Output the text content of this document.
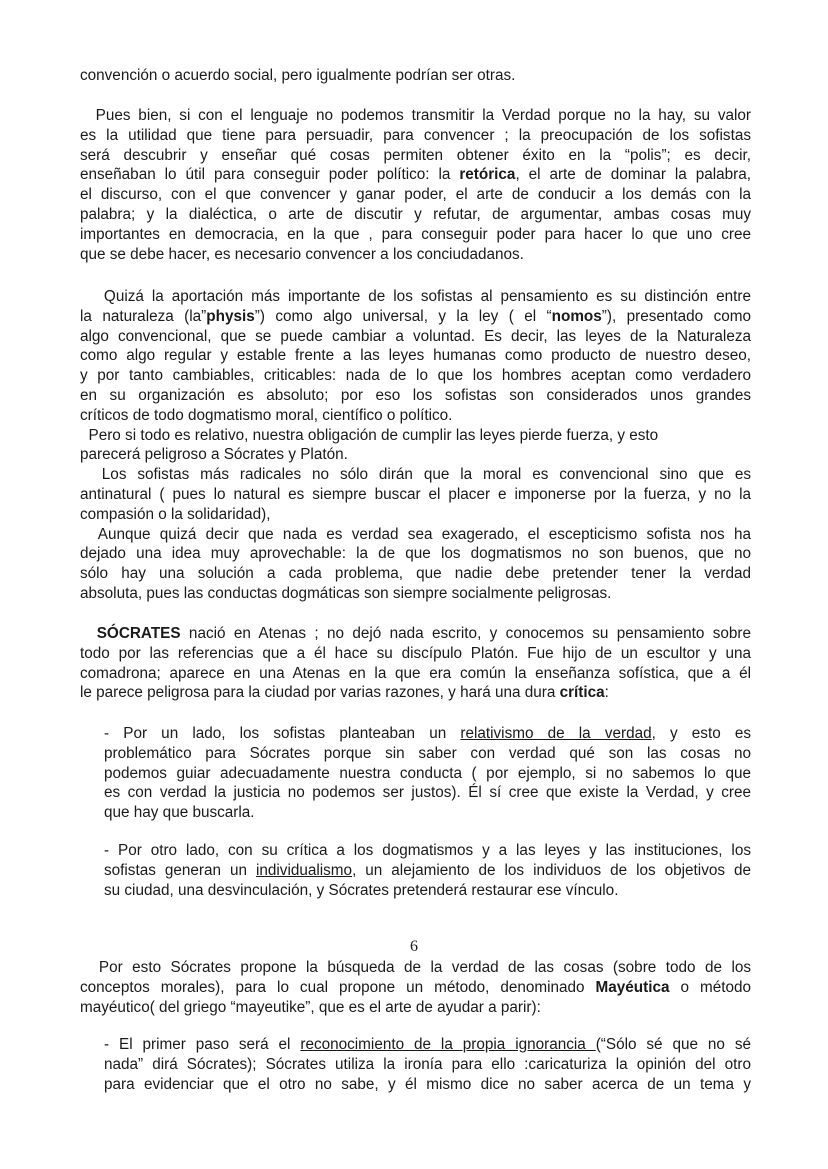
convención o acuerdo social, pero igualmente podrían ser otras.

Pues bien, si con el lenguaje no podemos transmitir la Verdad porque no la hay, su valor
es la utilidad que tiene para persuadir, para convencer ; la preocupación de los sofistas
será descubrir y enseñar qué cosas permiten obtener éxito en la “polis”; es decir,
enseñaban lo útil para conseguir poder político: la retórica, el arte de dominar la palabra,
el discurso, con el que convencer y ganar poder, el arte de conducir a los demás con la
palabra; y la dialéctica, o arte de discutir y refutar, de argumentar, ambas cosas muy
importantes en democracia, en la que , para conseguir poder para hacer lo que uno cree
que se debe hacer, es necesario convencer a los conciudadanos.

Quizá la aportación más importante de los sofistas al pensamiento es su distinción entre
la naturaleza (la”physis”) como algo universal, y la ley ( el “nomos”), presentado como
algo convencional, que se puede cambiar a voluntad. Es decir, las leyes de la Naturaleza
como algo regular y estable frente a las leyes humanas como producto de nuestro deseo,
y por tanto cambiables, criticables: nada de lo que los hombres aceptan como verdadero
en su organización es absoluto; por eso los sofistas son considerados unos grandes
críticos de todo dogmatismo moral, científico o político.
Pero si todo es relativo, nuestra obligación de cumplir las leyes pierde fuerza, y esto
parecerá peligroso a Sócrates y Platón.
Los sofistas más radicales no sólo dirán que la moral es convencional sino que es
antinatural ( pues lo natural es siempre buscar el placer e imponerse por la fuerza, y no la
compasión o la solidaridad),
Aunque quizá decir que nada es verdad sea exagerado, el escepticismo sofista nos ha
dejado una idea muy aprovechable: la de que los dogmatismos no son buenos, que no
sólo hay una solución a cada problema, que nadie debe pretender tener la verdad
absoluta, pues las conductas dogmáticas son siempre socialmente peligrosas.

SÓCRATES nació en Atenas ; no dejó nada escrito, y conocemos su pensamiento sobre
todo por las referencias que a él hace su discípulo Platón. Fue hijo de un escultor y una
comadrona; aparece en una Atenas en la que era común la enseñanza sofística, que a él
le parece peligrosa para la ciudad por varias razones, y hará una dura crítica:

- Por un lado, los sofistas planteaban un relativismo de la verdad, y esto es
problemático para Sócrates porque sin saber con verdad qué son las cosas no
podemos guiar adecuadamente nuestra conducta ( por ejemplo, si no sabemos lo que
es con verdad la justicia no podemos ser justos). Él sí cree que existe la Verdad, y cree
que hay que buscarla.

- Por otro lado, con su crítica a los dogmatismos y a las leyes y las instituciones, los
sofistas generan un individualismo, un alejamiento de los individuos de los objetivos de
su ciudad, una desvinculación, y Sócrates pretenderá restaurar ese vínculo.

6

Por esto Sócrates propone la búsqueda de la verdad de las cosas (sobre todo de los
conceptos morales), para lo cual propone un método, denominado Mayéutica o método
mayéutico( del griego “mayeutike”, que es el arte de ayudar a parir):

- El primer paso será el reconocimiento de la propia ignorancia (“Sólo sé que no sé
nada” dirá Sócrates); Sócrates utiliza la ironía para ello :caricaturiza la opinión del otro
para evidenciar que el otro no sabe, y él mismo dice no saber acerca de un tema y
